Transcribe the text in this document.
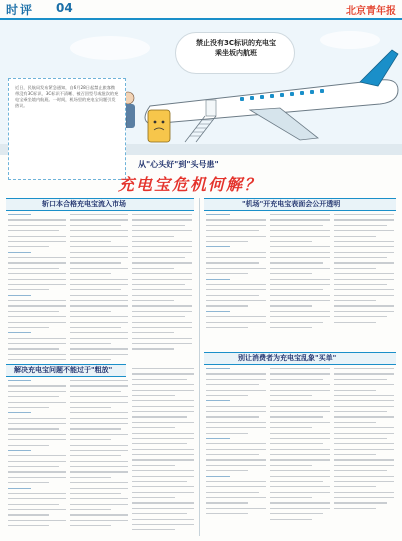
时评 04	北京青年报
禁止没有3C标识的充电宝
乘坐坂内航班
近日，民航局发布紧急通知，自6月28日起禁止旅客携带没有3C标识、3C标识不清晰、被召回型号或批次的充电宝乘坐境内航班。一时间，机场里的充电宝问题引发热议。
从"心头好"到"头号患"
充电宝危机何解？
斩口本合格充电宝流入市场	"机场"开充电宝表面会公开透明
解决充电宝问题不能过于"粗放"
别让消费者为充电宝乱象"买单"
